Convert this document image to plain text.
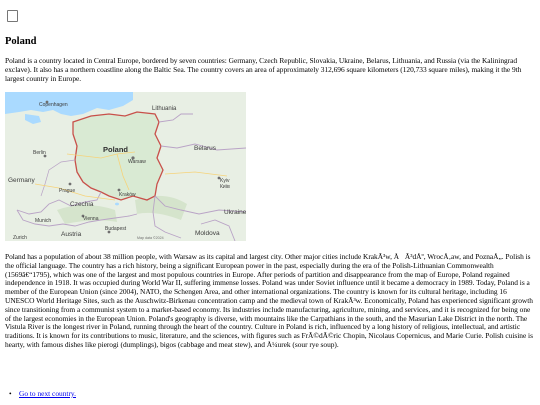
Poland

Poland is a country located in Central Europe, bordered by seven countries: Germany, Czech Republic, Slovakia, Ukraine, Belarus, Lithuania, and Russia (via the Kaliningrad exclave). It also has a northern coastline along the Baltic Sea. The country covers an area of approximately 312,696 square kilometers (120,733 square miles), making it the 9th largest country in Europe.

Copenhagen
Lithuania
Poland
Warsaw
Belarus
Berlin
Germany
Prague
Kraków
Kyiv
Київ
Czechia
Ukraine
Munich	Vienna
Austria
Budapest
Moldova
Zurich	Map data ©2024

Poland has a population of about 38 million people, with Warsaw as its capital and largest city. Other major cities include KrakÃ³w, ÅÃ³dÅº, WrocÅ‚aw, and PoznaÅ„. Polish is the official language. The country has a rich history, being a significant European power in the past, especially during the era of the Polish-Lithuanian Commonwealth (1569â€“1795), which was one of the largest and most populous countries in Europe. After periods of partition and disappearance from the map of Europe, Poland regained independence in 1918. It was occupied during World War II, suffering immense losses. Poland was under Soviet influence until it became a democracy in 1989. Today, Poland is a member of the European Union (since 2004), NATO, the Schengen Area, and other international organizations. The country is known for its cultural heritage, including 16 UNESCO World Heritage Sites, such as the Auschwitz-Birkenau concentration camp and the medieval town of KrakÃ³w. Economically, Poland has experienced significant growth since transitioning from a communist system to a market-based economy. Its industries include manufacturing, agriculture, mining, and services, and it is recognized for being one of the largest economies in the European Union. Poland's geography is diverse, with mountains like the Carpathians in the south, and the Masurian Lake District in the north. The Vistula River is the longest river in Poland, running through the heart of the country. Culture in Poland is rich, influenced by a long history of religious, intellectual, and artistic traditions. It is known for its contributions to music, literature, and the sciences, with figures such as FrÃ©dÃ©ric Chopin, Nicolaus Copernicus, and Marie Curie. Polish cuisine is hearty, with famous dishes like pierogi (dumplings), bigos (cabbage and meat stew), and Å¼urek (sour rye soup).

• Go to next country.
